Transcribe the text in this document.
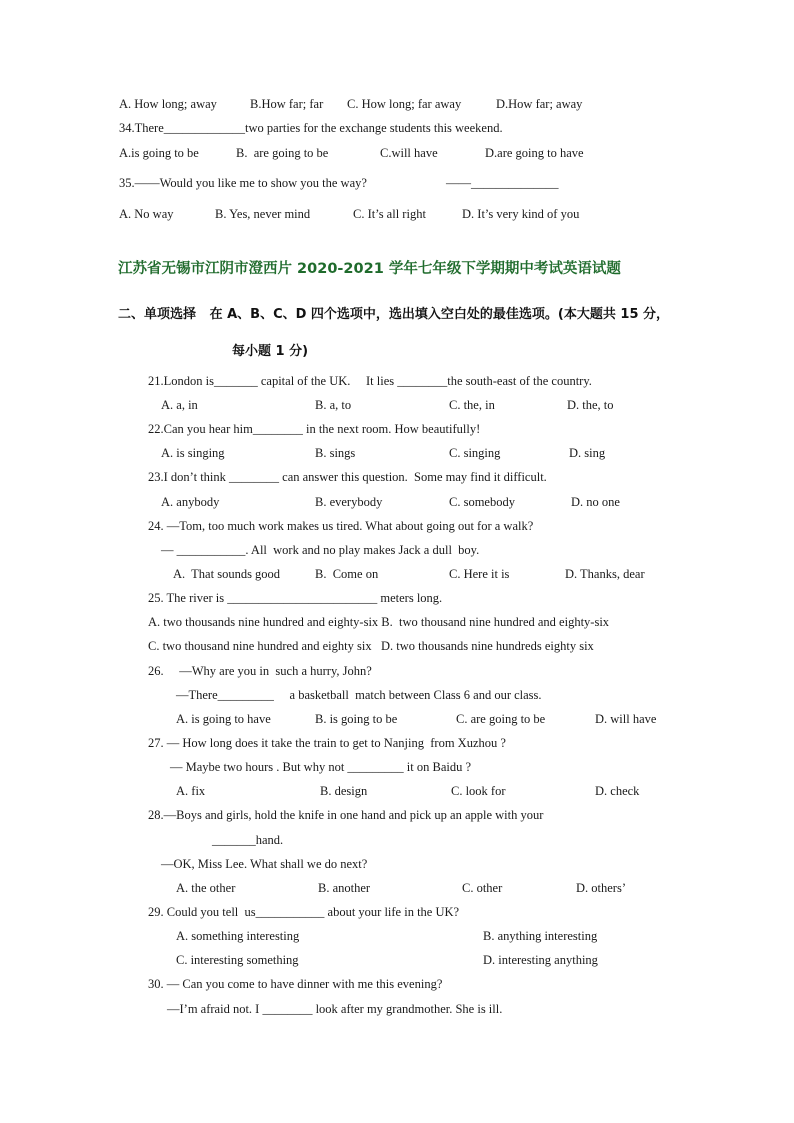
A. How long; away	B.How far; far C. How long; far away	D.How far; away
34.There_____________two parties for the exchange students this weekend.
A.is going to be	B.  are going to be	C.will have	D.are going to have
35.——Would you like me to show you the way?	——______________
A. No way	B. Yes, never mind	C. It’s all right	D. It’s very kind of you
江苏省无锡市江阴市澄西片 2020-2021 学年七年级下学期期中考试英语试题
二、单项选择   在 A、B、C、D 四个选项中，选出填入空白处的最佳选项。(本大题共 15 分，
每小题 1 分)
21.London is_______ capital of the UK.     It lies ________the south-east of the country.
A. a, in	B. a, to	C. the, in	D. the, to
22.Can you hear him________ in the next room. How beautifully!
A. is singing	B. sings	C. singing	D. sing
23.I don’t think ________ can answer this question.  Some may find it difficult.
A. anybody	B. everybody	C. somebody	D. no one
24. —Tom, too much work makes us tired. What about going out for a walk?
— ___________. All  work and no play makes Jack a dull  boy.
A.  That sounds good	B.  Come on	C. Here it is	D. Thanks, dear
25. The river is ________________________ meters long.
A. two thousands nine hundred and eighty-six B.  two thousand nine hundred and eighty-six
C. two thousand nine hundred and eighty six   D. two thousands nine hundreds eighty six
26.     —Why are you in  such a hurry, John?
—There_________     a basketball  match between Class 6 and our class.
A. is going to have	B. is going to be	C. are going to be	D. will have
27. — How long does it take the train to get to Nanjing  from Xuzhou ?
— Maybe two hours . But why not _________ it on Baidu ?
A. fix	B. design	C. look for	D. check
28.—Boys and girls, hold the knife in one hand and pick up an apple with your
_______hand.
—OK, Miss Lee. What shall we do next?
A. the other	B. another	C. other	D. others’
29. Could you tell  us___________ about your life in the UK?
A. something interesting	B. anything interesting
C. interesting something	D. interesting anything
30. — Can you come to have dinner with me this evening?
—I’m afraid not. I ________ look after my grandmother. She is ill.
